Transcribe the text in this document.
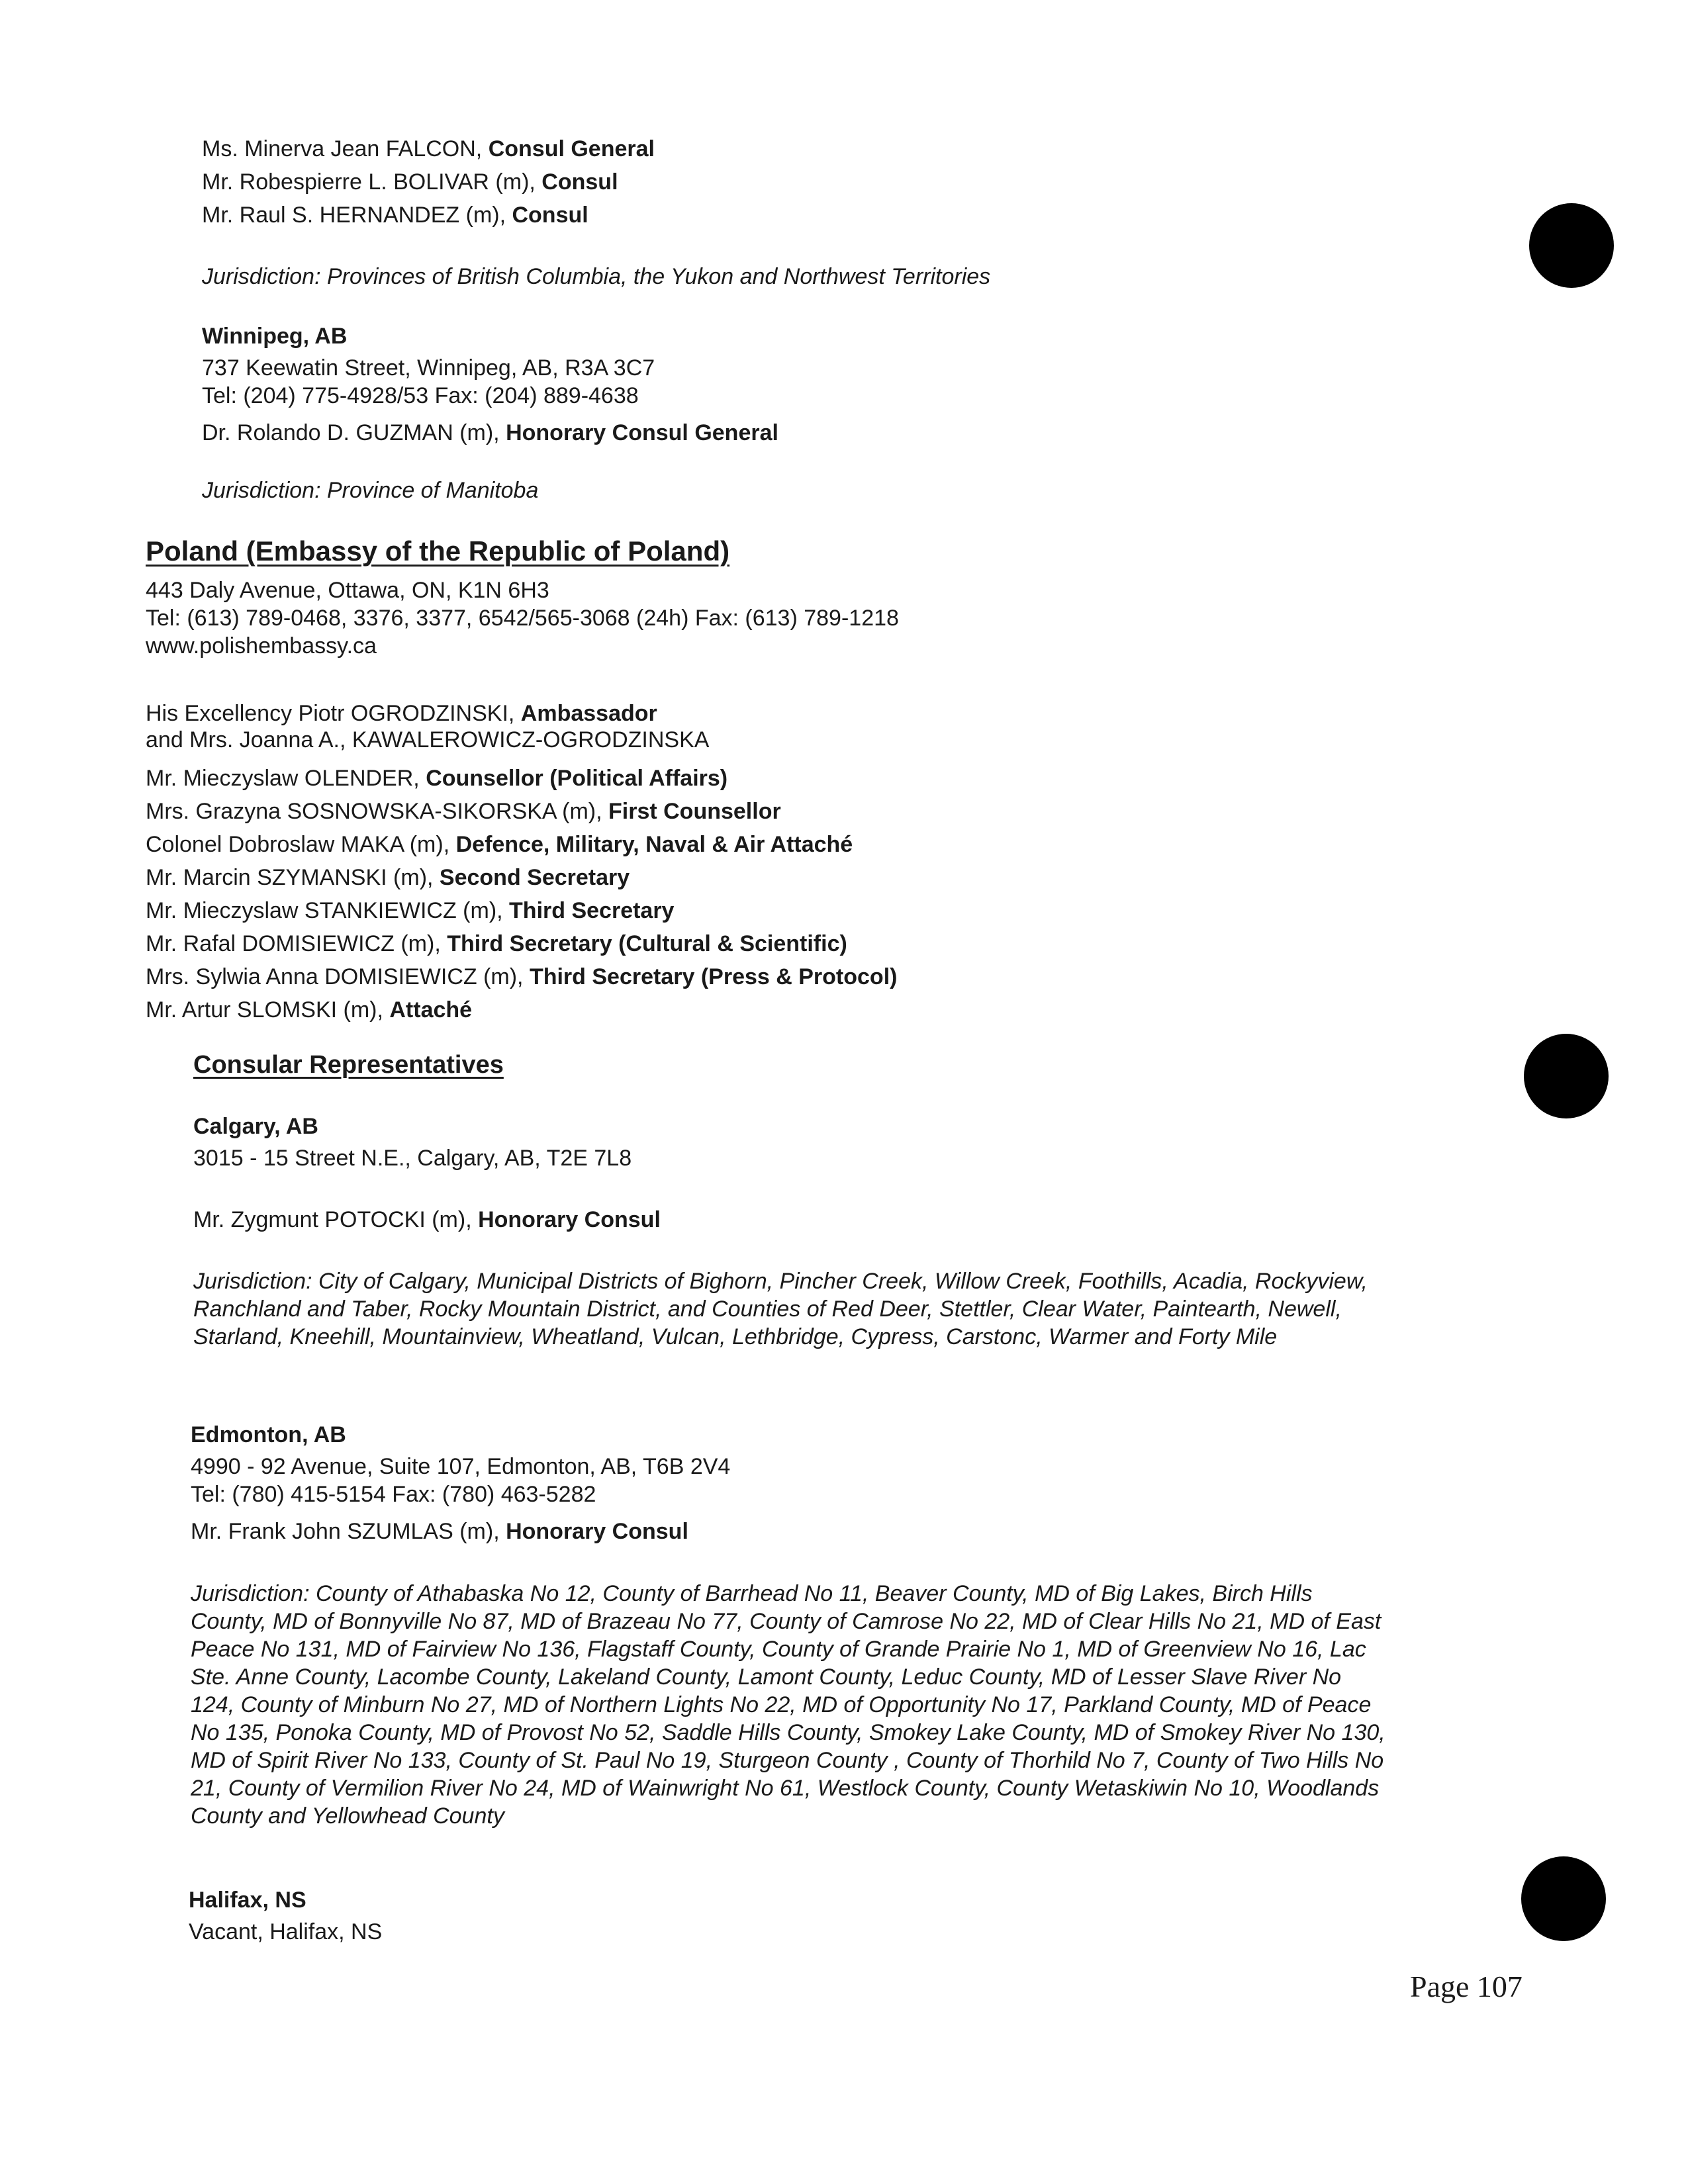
Ms. Minerva Jean FALCON, Consul General
Mr. Robespierre L. BOLIVAR (m), Consul
Mr. Raul S. HERNANDEZ (m), Consul
Jurisdiction: Provinces of British Columbia, the Yukon and Northwest Territories
Winnipeg, AB
737 Keewatin Street, Winnipeg, AB, R3A 3C7
Tel: (204) 775-4928/53 Fax: (204) 889-4638
Dr. Rolando D. GUZMAN (m), Honorary Consul General
Jurisdiction: Province of Manitoba
Poland (Embassy of the Republic of Poland)
443 Daly Avenue, Ottawa, ON, K1N 6H3
Tel: (613) 789-0468, 3376, 3377, 6542/565-3068 (24h) Fax: (613) 789-1218
www.polishembassy.ca
His Excellency Piotr OGRODZINSKI, Ambassador
and Mrs. Joanna A., KAWALEROWICZ-OGRODZINSKA
Mr. Mieczyslaw OLENDER, Counsellor (Political Affairs)
Mrs. Grazyna SOSNOWSKA-SIKORSKA (m), First Counsellor
Colonel Dobroslaw MAKA (m), Defence, Military, Naval & Air Attaché
Mr. Marcin SZYMANSKI (m), Second Secretary
Mr. Mieczyslaw STANKIEWICZ (m), Third Secretary
Mr. Rafal DOMISIEWICZ (m), Third Secretary (Cultural & Scientific)
Mrs. Sylwia Anna DOMISIEWICZ (m), Third Secretary (Press & Protocol)
Mr. Artur SLOMSKI (m), Attaché
Consular Representatives
Calgary, AB
3015 - 15 Street N.E., Calgary, AB, T2E 7L8
Mr. Zygmunt POTOCKI (m), Honorary Consul
Jurisdiction: City of Calgary, Municipal Districts of Bighorn, Pincher Creek, Willow Creek, Foothills, Acadia, Rockyview,
Ranchland and Taber, Rocky Mountain District, and Counties of Red Deer, Stettler, Clear Water, Paintearth, Newell,
Starland, Kneehill, Mountainview, Wheatland, Vulcan, Lethbridge, Cypress, Carstonc, Warmer and Forty Mile
Edmonton, AB
4990 - 92 Avenue, Suite 107, Edmonton, AB, T6B 2V4
Tel: (780) 415-5154 Fax: (780) 463-5282
Mr. Frank John SZUMLAS (m), Honorary Consul
Jurisdiction: County of Athabaska No 12, County of Barrhead No 11, Beaver County, MD of Big Lakes, Birch Hills
County, MD of Bonnyville No 87, MD of Brazeau No 77, County of Camrose No 22, MD of Clear Hills No 21, MD of East
Peace No 131, MD of Fairview No 136, Flagstaff County, County of Grande Prairie No 1, MD of Greenview No 16, Lac
Ste. Anne County, Lacombe County, Lakeland County, Lamont County, Leduc County, MD of Lesser Slave River No
124, County of Minburn No 27, MD of Northern Lights No 22, MD of Opportunity No 17, Parkland County, MD of Peace
No 135, Ponoka County, MD of Provost No 52, Saddle Hills County, Smokey Lake County, MD of Smokey River No 130,
MD of Spirit River No 133, County of St. Paul No 19, Sturgeon County , County of Thorhild No 7, County of Two Hills No
21, County of Vermilion River No 24, MD of Wainwright No 61, Westlock County, County Wetaskiwin No 10, Woodlands
County and Yellowhead County
Halifax, NS
Vacant, Halifax, NS
Page 107
